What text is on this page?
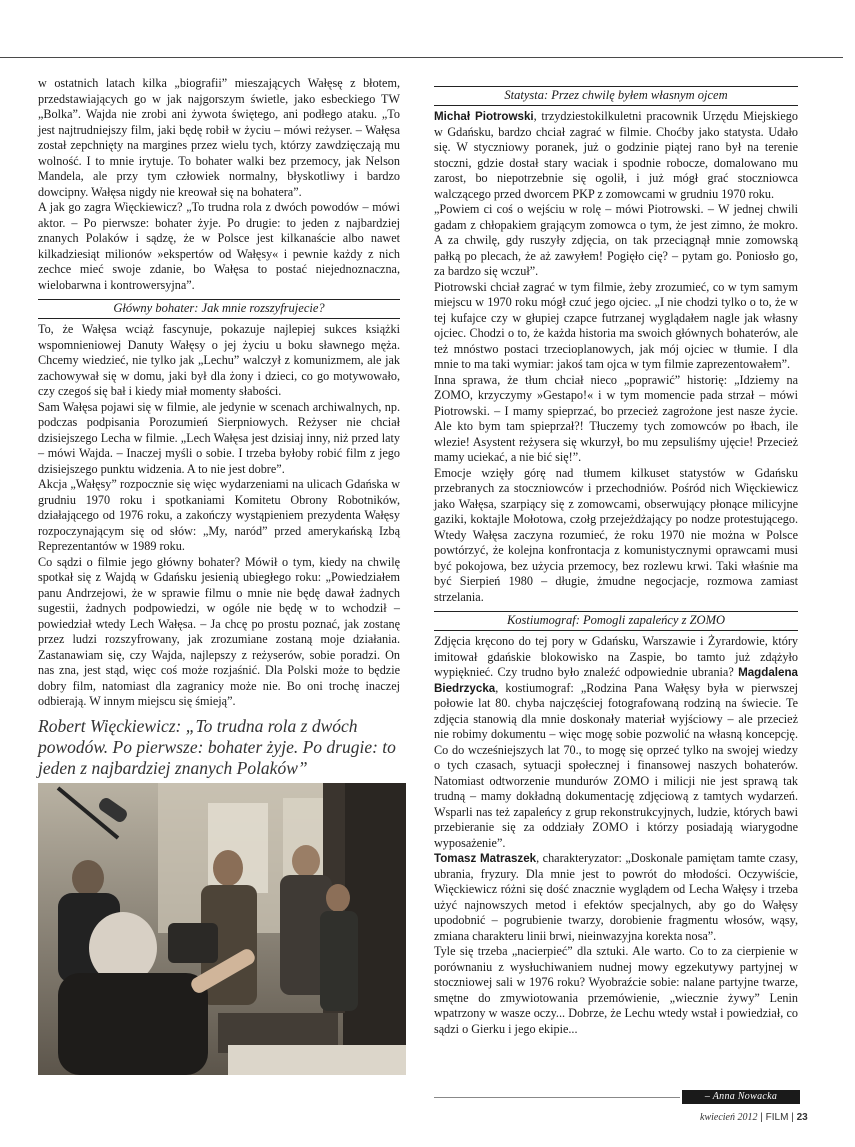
w ostatnich latach kilka „biografii” mieszających Wałęsę z błotem, przedstawiających go w jak najgorszym świetle, jako esbeckiego TW „Bolka”. Wajda nie zrobi ani żywota świętego, ani podłego ataku. „To jest najtrudniejszy film, jaki będę robił w życiu – mówi reżyser. – Wałęsa został zepchnięty na margines przez wielu tych, którzy zawdzięczają mu wolność. I to mnie irytuje. To bohater walki bez przemocy, jak Nelson Mandela, ale przy tym człowiek normalny, błyskotliwy i bardzo dowcipny. Wałęsa nigdy nie kreował się na bohatera”.

A jak go zagra Więckiewicz? „To trudna rola z dwóch powodów – mówi aktor. – Po pierwsze: bohater żyje. Po drugie: to jeden z najbardziej znanych Polaków i sądzę, że w Polsce jest kilkanaście albo nawet kilkadziesiąt milionów »ekspertów od Wałęsy« i pewnie każdy z nich zechce mieć swoje zdanie, bo Wałęsa to postać niejednoznaczna, wielobarwna i kontrowersyjna”.

Główny bohater: Jak mnie rozszyfrujecie?

To, że Wałęsa wciąż fascynuje, pokazuje najlepiej sukces książki wspomnieniowej Danuty Wałęsy o jej życiu u boku sławnego męża. Chcemy wiedzieć, nie tylko jak „Lechu” walczył z komunizmem, ale jak zachowywał się w domu, jaki był dla żony i dzieci, co go motywowało, czy czegoś się bał i kiedy miał momenty słabości.

Sam Wałęsa pojawi się w filmie, ale jedynie w scenach archiwalnych, np. podczas podpisania Porozumień Sierpniowych. Reżyser nie chciał dzisiejszego Lecha w filmie. „Lech Wałęsa jest dzisiaj inny, niż przed laty – mówi Wajda. – Inaczej myśli o sobie. I trzeba byłoby robić film z jego dzisiejszego punktu widzenia. A to nie jest dobre”.

Akcja „Wałęsy” rozpocznie się więc wydarzeniami na ulicach Gdańska w grudniu 1970 roku i spotkaniami Komitetu Obrony Robotników, działającego od 1976 roku, a zakończy wystąpieniem prezydenta Wałęsy rozpoczynającym się od słów: „My, naród” przed amerykańską Izbą Reprezentantów w 1989 roku.

Co sądzi o filmie jego główny bohater? Mówił o tym, kiedy na chwilę spotkał się z Wajdą w Gdańsku jesienią ubiegłego roku: „Powiedziałem panu Andrzejowi, że w sprawie filmu o mnie nie będę dawał żadnych sugestii, żadnych podpowiedzi, w ogóle nie będę w to wchodził – powiedział wtedy Lech Wałęsa. – Ja chcę po prostu poznać, jak zostanę przez ludzi rozszyfrowany, jak zrozumiane zostaną moje działania. Zastanawiam się, czy Wajda, najlepszy z reżyserów, sobie poradzi. On nas zna, jest stąd, więc coś może rozjaśnić. Dla Polski może to będzie dobry film, natomiast dla zagranicy może nie. Bo oni trochę inaczej odbierają. W innym miejscu się śmieją”.

Robert Więckiewicz: „To trudna rola z dwóch powodów. Po pierwsze: bohater żyje. Po drugie: to jeden z najbardziej znanych Polaków”
Statysta: Przez chwilę byłem własnym ojcem

Michał Piotrowski, trzydziestokilkuletni pracownik Urzędu Miejskiego w Gdańsku, bardzo chciał zagrać w filmie. Choćby jako statysta. Udało się. W styczniowy poranek, już o godzinie piątej rano był na terenie stoczni, gdzie dostał stary waciak i spodnie robocze, domalowano mu zarost, bo niepotrzebnie się ogolił, i już mógł grać stoczniowca walczącego przed dworcem PKP z zomowcami w grudniu 1970 roku.

„Powiem ci coś o wejściu w rolę – mówi Piotrowski. – W jednej chwili gadam z chłopakiem grającym zomowca o tym, że jest zimno, że mokro. A za chwilę, gdy ruszyły zdjęcia, on tak przeciągnął mnie zomowską pałką po plecach, że aż zawyłem! Pogięło cię? – pytam go. Poniosło go, za bardzo się wczuł”.

Piotrowski chciał zagrać w tym filmie, żeby zrozumieć, co w tym samym miejscu w 1970 roku mógł czuć jego ojciec. „I nie chodzi tylko o to, że w tej kufajce czy w głupiej czapce futrzanej wyglądałem nagle jak własny ojciec. Chodzi o to, że każda historia ma swoich głównych bohaterów, ale też mnóstwo postaci trzecioplanowych, jak mój ojciec w tłumie. I dla mnie to ma taki wymiar: jakoś tam ojca w tym filmie zaprezentowałem”.

Inna sprawa, że tłum chciał nieco „poprawić” historię: „Idziemy na ZOMO, krzyczymy »Gestapo!« i w tym momencie pada strzał – mówi Piotrowski. – I mamy spieprzać, bo przecież zagrożone jest nasze życie. Ale kto bym tam spieprzał?! Tłuczemy tych zomowców po łbach, ile wlezie! Asystent reżysera się wkurzył, bo mu zepsuliśmy ujęcie! Przecież mamy uciekać, a nie bić się!”.

Emocje wzięły górę nad tłumem kilkuset statystów w Gdańsku przebranych za stoczniowców i przechodniów. Pośród nich Więckiewicz jako Wałęsa, szarpiący się z zomowcami, obserwujący płonące milicyjne gaziki, koktajle Mołotowa, czołg przejeżdżający po nodze protestującego. Wtedy Wałęsa zaczyna rozumieć, że roku 1970 nie można w Polsce powtórzyć, że kolejna konfrontacja z komunistycznymi oprawcami musi być pokojowa, bez użycia przemocy, bez rozlewu krwi. Taki właśnie ma być Sierpień 1980 – długie, żmudne negocjacje, rozmowa zamiast strzelania.

Kostiumograf: Pomogli zapaleńcy z ZOMO

Zdjęcia kręcono do tej pory w Gdańsku, Warszawie i Żyrardowie, który imitował gdańskie blokowisko na Zaspie, bo tamto już zdążyło wypięknieć. Czy trudno było znaleźć odpowiednie ubrania? Magdalena Biedrzycka, kostiumograf: „Rodzina Pana Wałęsy była w pierwszej połowie lat 80. chyba najczęściej fotografowaną rodziną na świecie. Te zdjęcia stanowią dla mnie doskonały materiał wyjściowy – ale przecież nie robimy dokumentu – więc mogę sobie pozwolić na własną koncepcję. Co do wcześniejszych lat 70., to mogę się oprzeć tylko na swojej wiedzy o tych czasach, sytuacji społecznej i finansowej naszych bohaterów. Natomiast odtworzenie mundurów ZOMO i milicji nie jest sprawą tak trudną – mamy dokładną dokumentację zdjęciową z tamtych wydarzeń. Wsparli nas też zapaleńcy z grup rekonstrukcyjnych, ludzie, których bawi przebieranie się za oddziały ZOMO i którzy posiadają wiarygodne wyposażenie”.

Tomasz Matraszek, charakteryzator: „Doskonale pamiętam tamte czasy, ubrania, fryzury. Dla mnie jest to powrót do młodości. Oczywiście, Więckiewicz różni się dość znacznie wyglądem od Lecha Wałęsy i trzeba użyć najnowszych metod i efektów specjalnych, aby go do Wałęsy upodobnić – pogrubienie twarzy, dorobienie fragmentu włosów, wąsy, zmiana charakteru linii brwi, nieinwazyjna korekta nosa”.

Tyle się trzeba „nacierpieć” dla sztuki. Ale warto. Co to za cierpienie w porównaniu z wysłuchiwaniem nudnej mowy egzekutywy partyjnej w stoczniowej sali w 1976 roku? Wyobraźcie sobie: nalane partyjne twarze, smętne do zmywiotowania przemówienie, „wiecznie żywy” Lenin wpatrzony w wasze oczy... Dobrze, że Lechu wtedy wstał i powiedział, co sądzi o Gierku i jego ekipie...

– Anna Nowacka
kwiecień 2012 | FILM | 23
